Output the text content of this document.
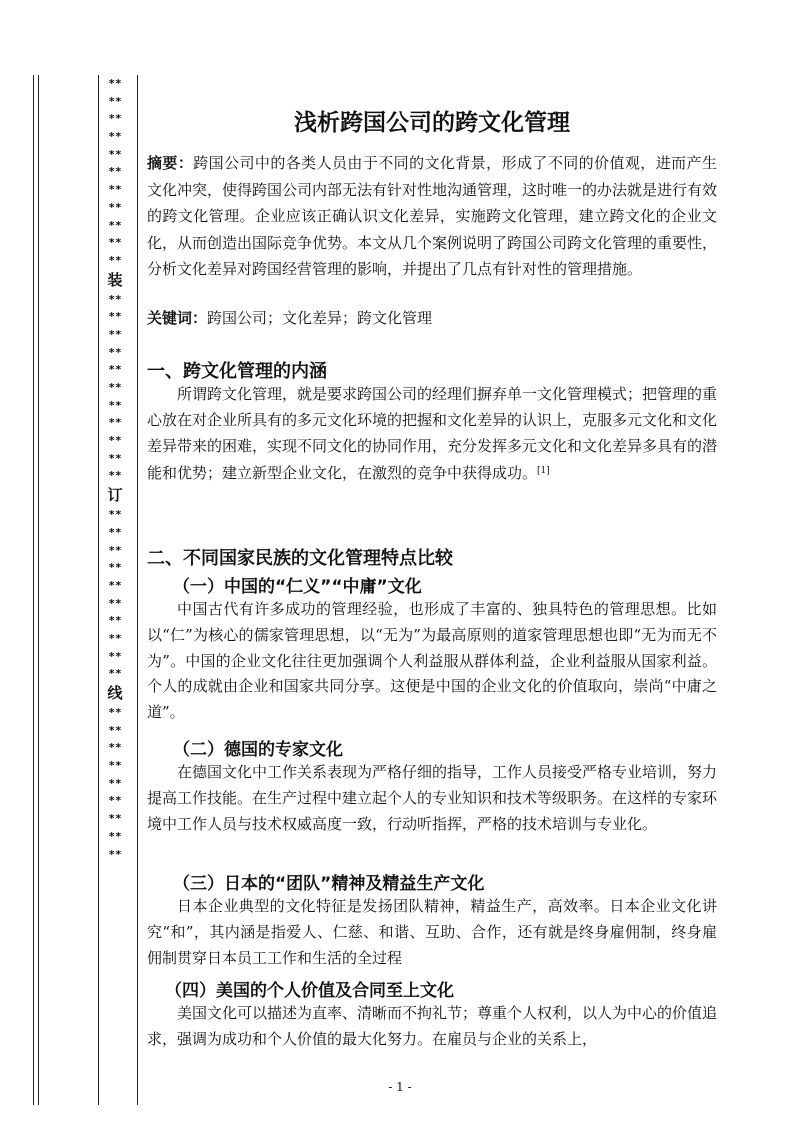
**
**
**
**
**
**
**
**
**
**
**
装
**
**
**
**
**
**
**
**
**
**
**
订
**
**
**
**
**
**
**
**
**
**
线
**
**
**
**
**
**
**
**
**
浅析跨国公司的跨文化管理
摘要：跨国公司中的各类人员由于不同的文化背景，形成了不同的价值观，进而产生文化冲突，使得跨国公司内部无法有针对性地沟通管理，这时唯一的办法就是进行有效的跨文化管理。企业应该正确认识文化差异，实施跨文化管理，建立跨文化的企业文化，从而创造出国际竞争优势。本文从几个案例说明了跨国公司跨文化管理的重要性，分析文化差异对跨国经营管理的影响，并提出了几点有针对性的管理措施。
关键词：跨国公司；文化差异；跨文化管理
一、跨文化管理的内涵
所谓跨文化管理，就是要求跨国公司的经理们摒弃单一文化管理模式；把管理的重心放在对企业所具有的多元文化环境的把握和文化差异的认识上，克服多元文化和文化差异带来的困难，实现不同文化的协同作用，充分发挥多元文化和文化差异多具有的潜能和优势；建立新型企业文化，在激烈的竞争中获得成功。[1]
二、不同国家民族的文化管理特点比较
（一）中国的“仁义”“中庸”文化
中国古代有许多成功的管理经验，也形成了丰富的、独具特色的管理思想。比如以“仁”为核心的儒家管理思想，以“无为”为最高原则的道家管理思想也即“无为而无不为”。中国的企业文化往往更加强调个人利益服从群体利益，企业利益服从国家利益。个人的成就由企业和国家共同分享。这便是中国的企业文化的价值取向，崇尚“中庸之道”。
（二）德国的专家文化
在德国文化中工作关系表现为严格仔细的指导，工作人员接受严格专业培训，努力提高工作技能。在生产过程中建立起个人的专业知识和技术等级职务。在这样的专家环境中工作人员与技术权威高度一致，行动听指挥，严格的技术培训与专业化。
（三）日本的“团队”精神及精益生产文化
日本企业典型的文化特征是发扬团队精神，精益生产，高效率。日本企业文化讲究“和”，其内涵是指爱人、仁慈、和谐、互助、合作，还有就是终身雇佣制，终身雇佣制贯穿日本员工工作和生活的全过程
（四）美国的个人价值及合同至上文化
美国文化可以描述为直率、清晰而不拘礼节；尊重个人权利，以人为中心的价值追求，强调为成功和个人价值的最大化努力。在雇员与企业的关系上，
- 1 -
